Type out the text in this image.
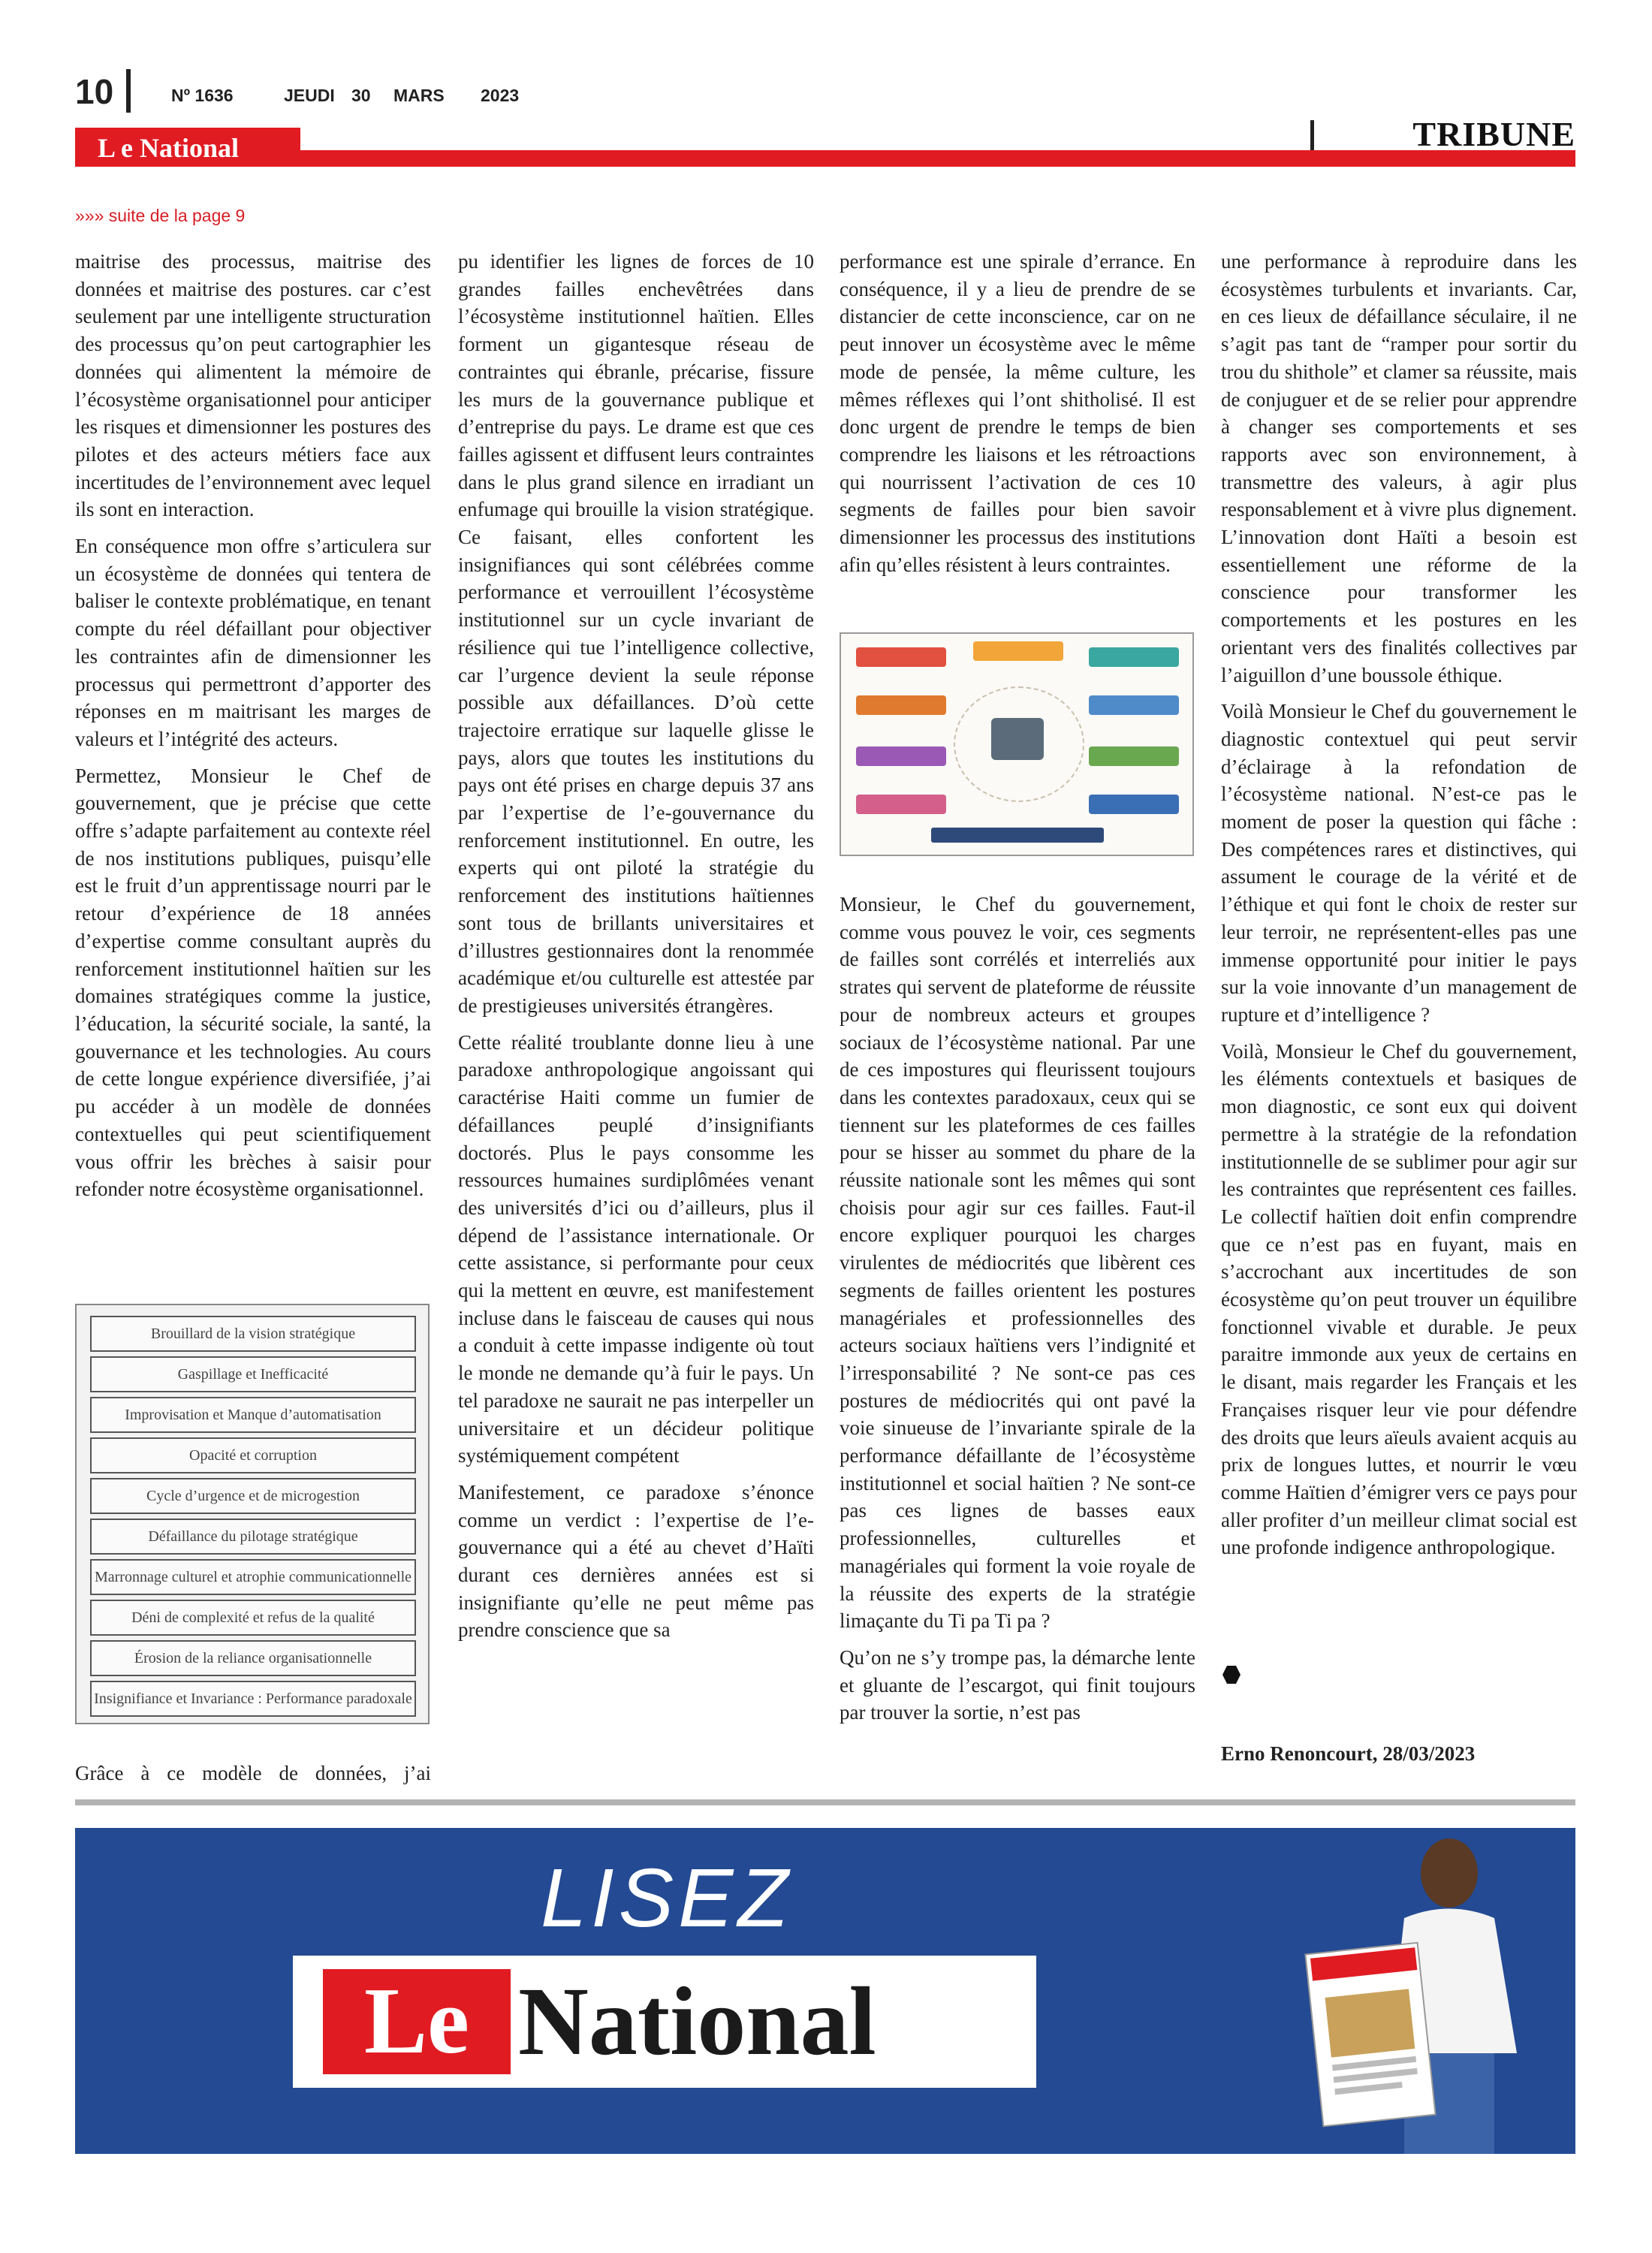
10	Nº 1636	JEUDI 30 MARS 2023
L e National	TRIBUNE
»»» suite de la page 9

maitrise des processus, maitrise des données et maitrise des postures. car c’est seulement par une intelligente structuration des processus qu’on peut cartographier les données qui alimentent la mémoire de l’écosystème organisationnel pour anticiper les risques et dimensionner les postures des pilotes et des acteurs métiers face aux incertitudes de l’environnement avec lequel ils sont en interaction.

En conséquence mon offre s’articulera sur un écosystème de données qui tentera de baliser le contexte problématique, en tenant compte du réel défaillant pour objectiver les contraintes afin de dimensionner les processus qui permettront d’apporter des réponses en m maitrisant les marges de valeurs et l’intégrité des acteurs.

Permettez, Monsieur le Chef de gouvernement, que je précise que cette offre s’adapte parfaitement au contexte réel de nos institutions publiques, puisqu’elle est le fruit d’un apprentissage nourri par le retour d’expérience de 18 années d’expertise comme consultant auprès du renforcement institutionnel haïtien sur les domaines stratégiques comme la justice, l’éducation, la sécurité sociale, la santé, la gouvernance et les technologies. Au cours de cette longue expérience diversifiée, j’ai pu accéder à un modèle de données contextuelles qui peut scientifiquement vous offrir les brèches à saisir pour refonder notre écosystème organisationnel.

Brouillard de la vision stratégique
Gaspillage et Inefficacité
Improvisation et Manque d’automatisation
Opacité et corruption
Cycle d’urgence et de microgestion
Défaillance du pilotage stratégique
Marronnage culturel et atrophie communicationnelle
Déni de complexité et refus de la qualité
Érosion de la reliance organisationnelle
Insignifiance et Invariance : Performance paradoxale
Grâce à ce modèle de données, j’ai

pu identifier les lignes de forces de 10 grandes failles enchevêtrées dans l’écosystème institutionnel haïtien. Elles forment un gigantesque réseau de contraintes qui ébranle, précarise, fissure les murs de la gouvernance publique et d’entreprise du pays. Le drame est que ces failles agissent et diffusent leurs contraintes dans le plus grand silence en irradiant un enfumage qui brouille la vision stratégique. Ce faisant, elles confortent les insignifiances qui sont célébrées comme performance et verrouillent l’écosystème institutionnel sur un cycle invariant de résilience qui tue l’intelligence collective, car l’urgence devient la seule réponse possible aux défaillances. D’où cette trajectoire erratique sur laquelle glisse le pays, alors que toutes les institutions du pays ont été prises en charge depuis 37 ans par l’expertise de l’e-gouvernance du renforcement institutionnel. En outre, les experts qui ont piloté la stratégie du renforcement des institutions haïtiennes sont tous de brillants universitaires et d’illustres gestionnaires dont la renommée académique et/ou culturelle est attestée par de prestigieuses universités étrangères.

Cette réalité troublante donne lieu à une paradoxe anthropologique angoissant qui caractérise Haiti comme un fumier de défaillances peuplé d’insignifiants doctorés. Plus le pays consomme les ressources humaines surdiplômées venant des universités d’ici ou d’ailleurs, plus il dépend de l’assistance internationale. Or cette assistance, si performante pour ceux qui la mettent en œuvre, est manifestement incluse dans le faisceau de causes qui nous a conduit à cette impasse indigente où tout le monde ne demande qu’à fuir le pays. Un tel paradoxe ne saurait ne pas interpeller un universitaire et un décideur politique systémiquement compétent

Manifestement, ce paradoxe s’énonce comme un verdict : l’expertise de l’e-gouvernance qui a été au chevet d’Haïti durant ces dernières années est si insignifiante qu’elle ne peut même pas prendre conscience que sa

performance est une spirale d’errance. En conséquence, il y a lieu de prendre de se distancier de cette inconscience, car on ne peut innover un écosystème avec le même mode de pensée, la même culture, les mêmes réflexes qui l’ont shitholisé. Il est donc urgent de prendre le temps de bien comprendre les liaisons et les rétroactions qui nourrissent l’activation de ces 10 segments de failles pour bien savoir dimensionner les processus des institutions afin qu’elles résistent à leurs contraintes.

Monsieur, le Chef du gouvernement, comme vous pouvez le voir, ces segments de failles sont corrélés et interreliés aux strates qui servent de plateforme de réussite pour de nombreux acteurs et groupes sociaux de l’écosystème national. Par une de ces impostures qui fleurissent toujours dans les contextes paradoxaux, ceux qui se tiennent sur les plateformes de ces failles pour se hisser au sommet du phare de la réussite nationale sont les mêmes qui sont choisis pour agir sur ces failles. Faut-il encore expliquer pourquoi les charges virulentes de médiocrités que libèrent ces segments de failles orientent les postures managériales et professionnelles des acteurs sociaux haïtiens vers l’indignité et l’irresponsabilité ? Ne sont-ce pas ces postures de médiocrités qui ont pavé la voie sinueuse de l’invariante spirale de la performance défaillante de l’écosystème institutionnel et social haïtien ? Ne sont-ce pas ces lignes de basses eaux professionnelles, culturelles et managériales qui forment la voie royale de la réussite des experts de la stratégie limaçante du Ti pa Ti pa ?

Qu’on ne s’y trompe pas, la démarche lente et gluante de l’escargot, qui finit toujours par trouver la sortie, n’est pas

une performance à reproduire dans les écosystèmes turbulents et invariants. Car, en ces lieux de défaillance séculaire, il ne s’agit pas tant de “ramper pour sortir du trou du shithole” et clamer sa réussite, mais de conjuguer et de se relier pour apprendre à changer ses comportements et ses rapports avec son environnement, à transmettre des valeurs, à agir plus responsablement et à vivre plus dignement. L’innovation dont Haïti a besoin est essentiellement une réforme de la conscience pour transformer les comportements et les postures en les orientant vers des finalités collectives par l’aiguillon d’une boussole éthique.

Voilà Monsieur le Chef du gouvernement le diagnostic contextuel qui peut servir d’éclairage à la refondation de l’écosystème national. N’est-ce pas le moment de poser la question qui fâche : Des compétences rares et distinctives, qui assument le courage de la vérité et de l’éthique et qui font le choix de rester sur leur terroir, ne représentent-elles pas une immense opportunité pour initier le pays sur la voie innovante d’un management de rupture et d’intelligence ?

Voilà, Monsieur le Chef du gouvernement, les éléments contextuels et basiques de mon diagnostic, ce sont eux qui doivent permettre à la stratégie de la refondation institutionnelle de se sublimer pour agir sur les contraintes que représentent ces failles. Le collectif haïtien doit enfin comprendre que ce n’est pas en fuyant, mais en s’accrochant aux incertitudes de son écosystème qu’on peut trouver un équilibre fonctionnel vivable et durable. Je peux paraitre immonde aux yeux de certains en le disant, mais regarder les Français et les Françaises risquer leur vie pour défendre des droits que leurs aïeuls avaient acquis au prix de longues luttes, et nourrir le vœu comme Haïtien d’émigrer vers ce pays pour aller profiter d’un meilleur climat social est une profonde indigence anthropologique.

Erno Renoncourt, 28/03/2023
LISEZ
Le National
